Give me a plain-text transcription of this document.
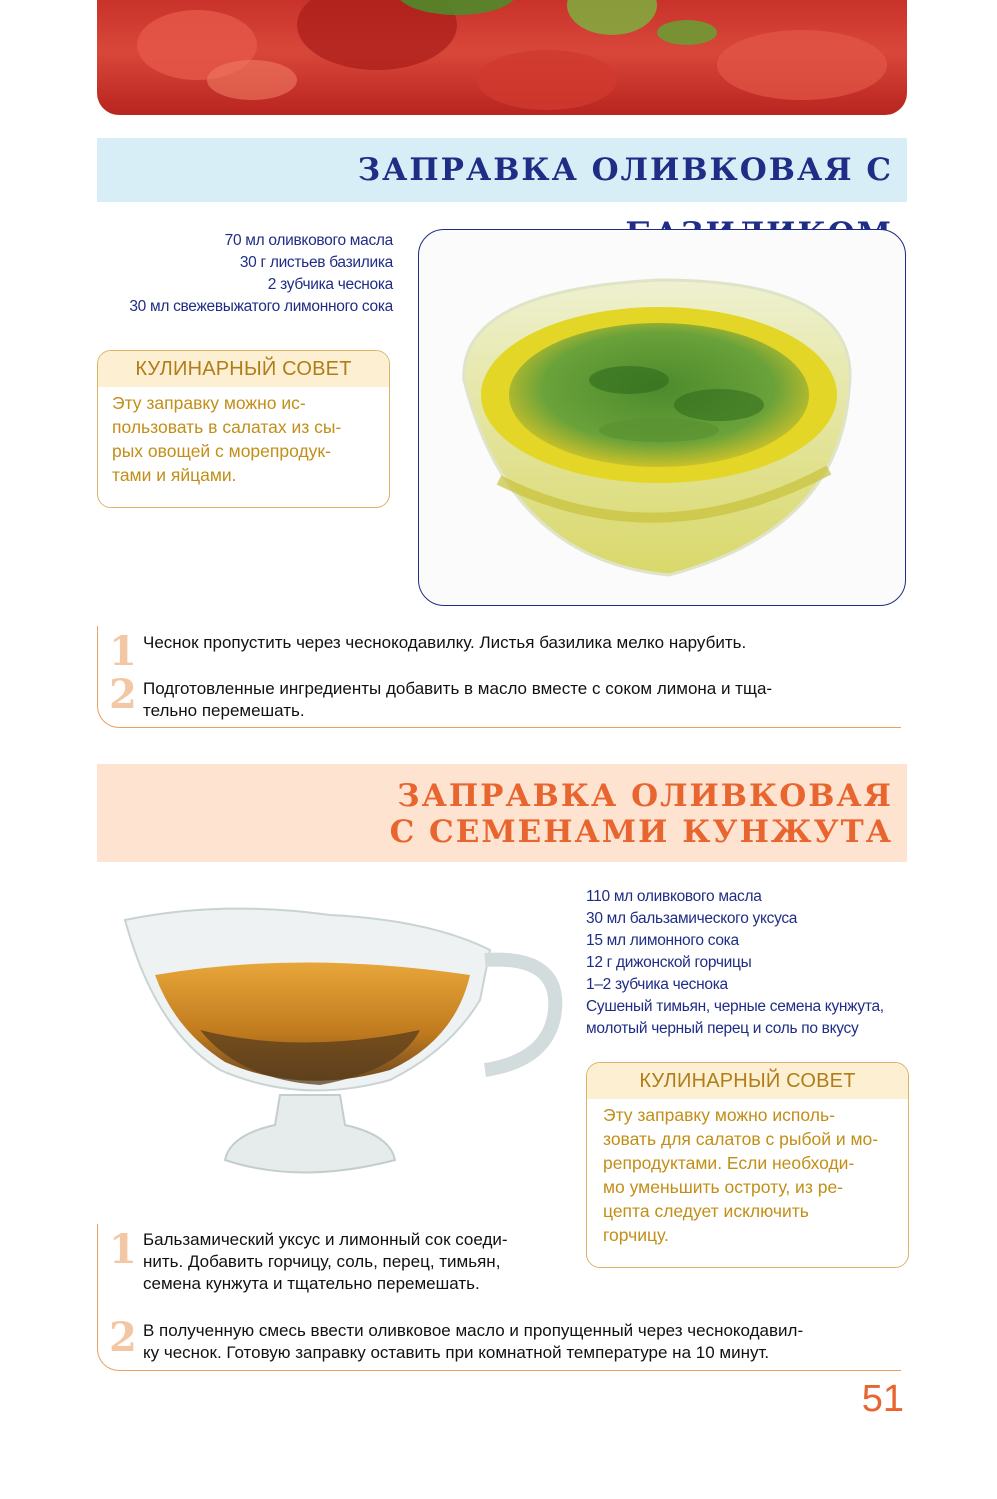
ЗАПРАВКА ОЛИВКОВАЯ С
70 мл оливкового масла
30 г листьев базилика
2 зубчика чеснока
30 мл свежевыжатого лимонного сока
КУЛИНАРНЫЙ СОВЕТ
Эту заправку можно ис-
пользовать в салатах из сы-
рых овощей с морепродук-
тами и яйцами.
1 Чеснок пропустить через чеснокодавилку. Листья базилика мелко нарубить.

2 Подготовленные ингредиенты добавить в масло вместе с соком лимона и тща-
тельно перемешать.

ЗАПРАВКА ОЛИВКОВАЯ
С СЕМЕНАМИ КУНЖУТА
110 мл оливкового масла
30 мл бальзамического уксуса
15 мл лимонного сока
12 г дижонской горчицы
1–2 зубчика чеснока
Сушеный тимьян, черные семена кунжута,
молотый черный перец и соль по вкусу
КУЛИНАРНЫЙ СОВЕТ
Эту заправку можно исполь-
зовать для салатов с рыбой и мо-
репродуктами. Если необходи-
мо уменьшить остроту, из ре-
цепта следует исключить
горчицу.
1 Бальзамический уксус и лимонный сок соеди-
нить. Добавить горчицу, соль, перец, тимьян,
семена кунжута и тщательно перемешать.

2 В полученную смесь ввести оливковое масло и пропущенный через чеснокодавил-
ку чеснок. Готовую заправку оставить при комнатной температуре на 10 минут.

51
